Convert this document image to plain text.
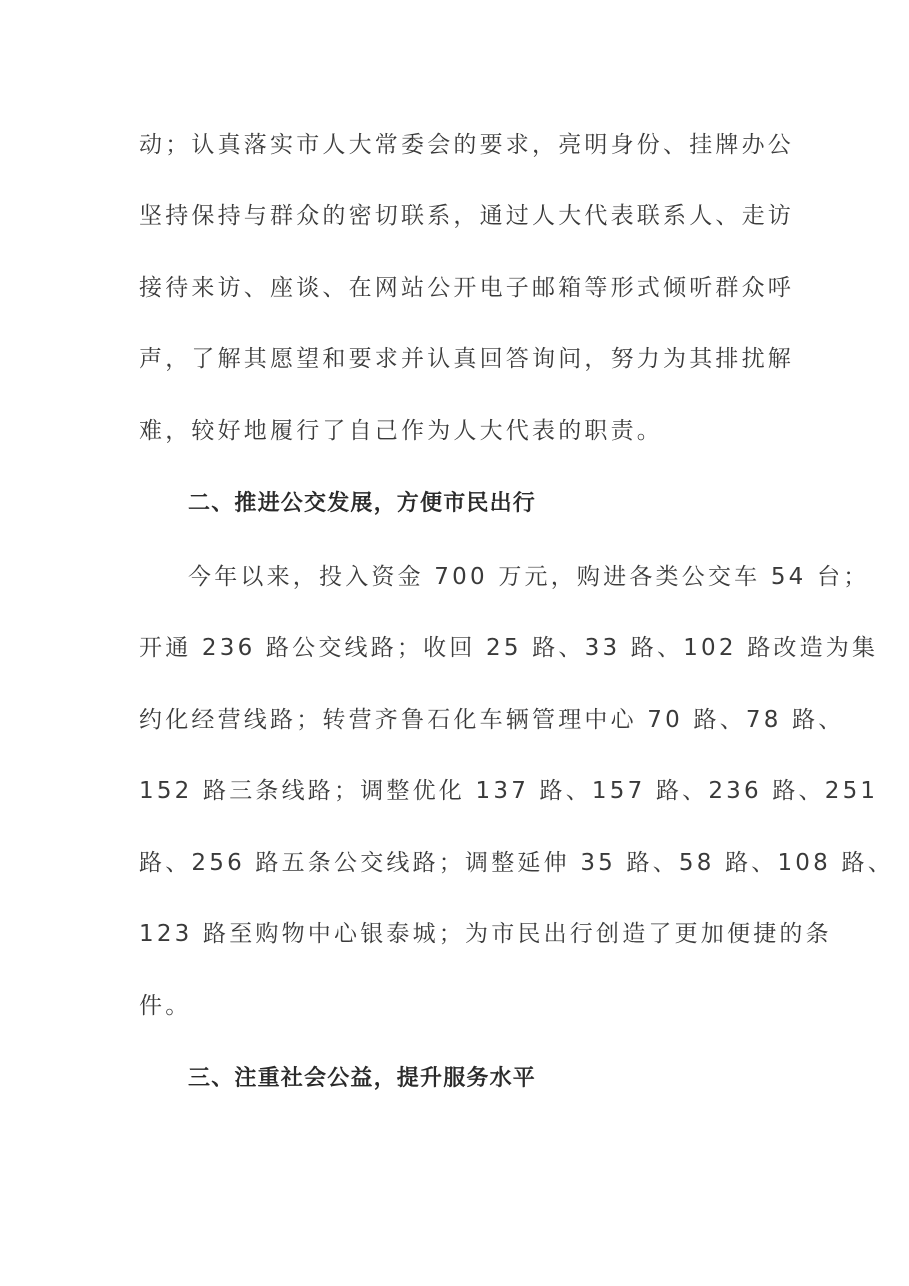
动；认真落实市人大常委会的要求，亮明身份、挂牌办公
坚持保持与群众的密切联系，通过人大代表联系人、走访
接待来访、座谈、在网站公开电子邮箱等形式倾听群众呼
声，了解其愿望和要求并认真回答询问，努力为其排扰解
难，较好地履行了自己作为人大代表的职责。
二、推进公交发展，方便市民出行
今年以来，投入资金 700 万元，购进各类公交车 54 台；
开通 236 路公交线路；收回 25 路、33 路、102 路改造为集
约化经营线路；转营齐鲁石化车辆管理中心 70 路、78 路、
152 路三条线路；调整优化 137 路、157 路、236 路、251
路、256 路五条公交线路；调整延伸 35 路、58 路、108 路、
123 路至购物中心银泰城；为市民出行创造了更加便捷的条
件。
三、注重社会公益，提升服务水平
